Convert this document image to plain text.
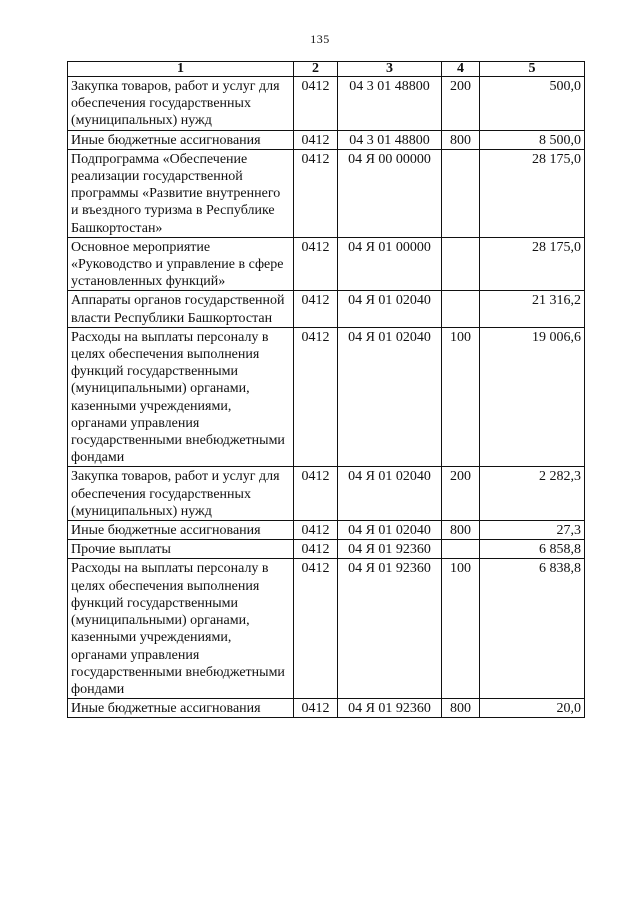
135
1	2	3	4	5
Закупка товаров, работ и услуг для обеспечения государственных (муниципальных) нужд	0412	04 3 01 48800	200	500,0
Иные бюджетные ассигнования	0412	04 3 01 48800	800	8 500,0
Подпрограмма «Обеспечение реализации государственной программы «Развитие внутреннего и въездного туризма в Республике Башкортостан»	0412	04 Я 00 00000		28 175,0
Основное мероприятие «Руководство и управление в сфере установленных функций»	0412	04 Я 01 00000		28 175,0
Аппараты органов государственной власти Республики Башкортостан	0412	04 Я 01 02040		21 316,2
Расходы на выплаты персоналу в целях обеспечения выполнения функций государственными (муниципальными) органами, казенными учреждениями, органами управления государственными внебюджетными фондами	0412	04 Я 01 02040	100	19 006,6
Закупка товаров, работ и услуг для обеспечения государственных (муниципальных) нужд	0412	04 Я 01 02040	200	2 282,3
Иные бюджетные ассигнования	0412	04 Я 01 02040	800	27,3
Прочие выплаты	0412	04 Я 01 92360		6 858,8
Расходы на выплаты персоналу в целях обеспечения выполнения функций государственными (муниципальными) органами, казенными учреждениями, органами управления государственными внебюджетными фондами	0412	04 Я 01 92360	100	6 838,8
Иные бюджетные ассигнования	0412	04 Я 01 92360	800	20,0
